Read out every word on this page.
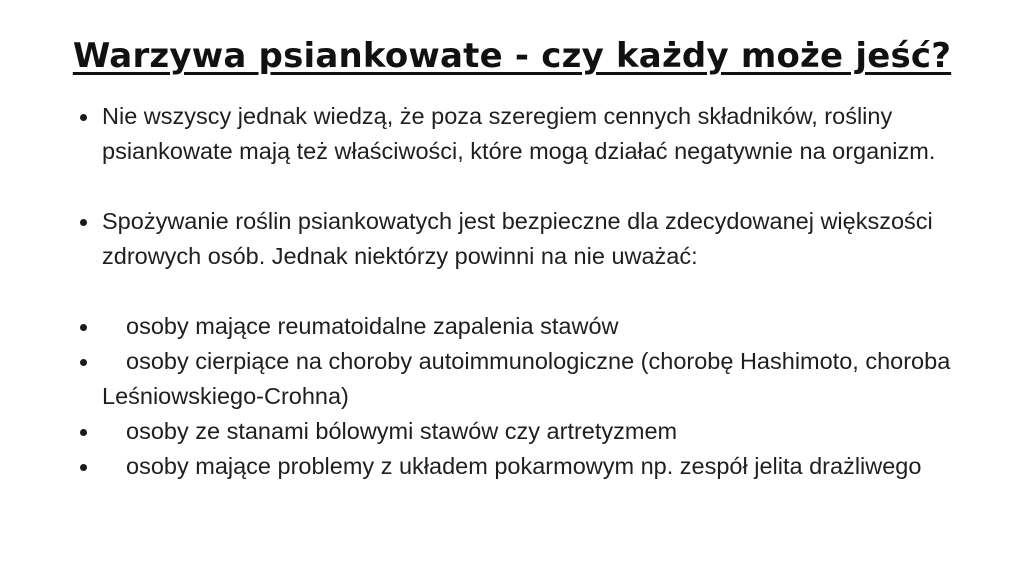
Warzywa psiankowate - czy każdy może jeść?
Nie wszyscy jednak wiedzą, że poza szeregiem cennych składników, rośliny psiankowate mają też właściwości, które mogą działać negatywnie na organizm.
Spożywanie roślin psiankowatych jest bezpieczne dla zdecydowanej większości zdrowych osób. Jednak niektórzy powinni na nie uważać:
osoby mające reumatoidalne zapalenia stawów
osoby cierpiące na choroby autoimmunologiczne (chorobę Hashimoto, choroba Leśniowskiego-Crohna)
osoby ze stanami bólowymi stawów czy artretyzmem
osoby mające problemy z układem pokarmowym np. zespół jelita drażliwego
